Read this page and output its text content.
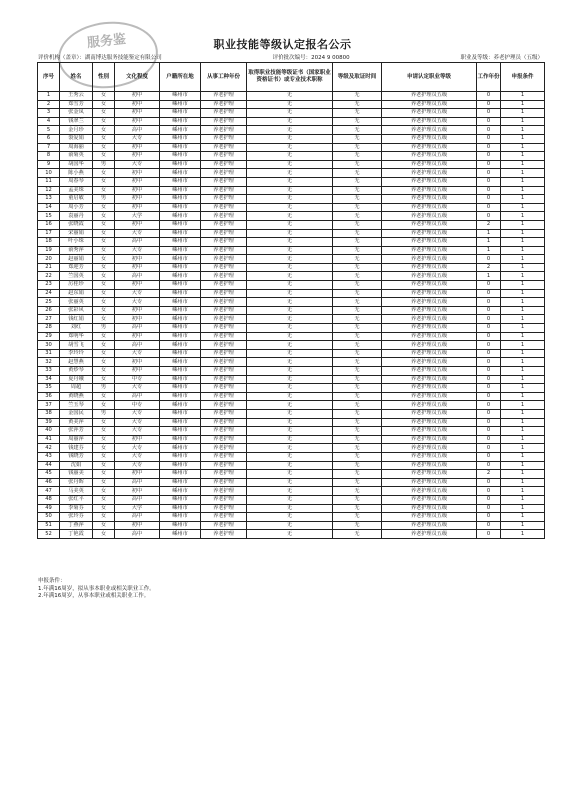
服务鉴	职业技能等级认定报名公示
评价机构（盖章）：湖南博达服务技能鉴定有限公司	评价批次编号：2024 9 00800	职业及等级：养老护理员（五级）
序号	姓名	性别	文化程度	户籍所在地	从事工种年份	取得职业技能等级证书（国家职业资格证书）或专业技术职称	等级及取证时间	申请认定职业等级	工作年份	申报条件
1	王秀云	女	初中	嵊州市	养老护理	无	无	养老护理员五级	0	1
2	郑雪芳	女	初中	嵊州市	养老护理	无	无	养老护理员五级	0	1
3	张金凤	女	初中	嵊州市	养老护理	无	无	养老护理员五级	0	1
4	钱翠兰	女	初中	嵊州市	养老护理	无	无	养老护理员五级	0	1
5	金月珍	女	高中	嵊州市	养老护理	无	无	养老护理员五级	0	1
6	裘爱娟	女	大专	嵊州市	养老护理	无	无	养老护理员五级	0	1
7	周海丽	女	初中	嵊州市	养老护理	无	无	养老护理员五级	0	1
8	俞菊英	女	初中	嵊州市	养老护理	无	无	养老护理员五级	0	1
9	胡国华	男	大专	嵊州市	养老护理	无	无	养老护理员五级	0	1
10	陈小燕	女	初中	嵊州市	养老护理	无	无	养老护理员五级	0	1
11	周春琴	女	初中	嵊州市	养老护理	无	无	养老护理员五级	0	1
12	孟美珠	女	初中	嵊州市	养老护理	无	无	养老护理员五级	0	1
13	童启敏	男	初中	嵊州市	养老护理	无	无	养老护理员五级	0	1
14	周小芳	女	初中	嵊州市	养老护理	无	无	养老护理员五级	0	1
15	袁丽丹	女	大学	嵊州市	养老护理	无	无	养老护理员五级	0	1
16	张晓霞	女	初中	嵊州市	养老护理	无	无	养老护理员五级	2	1
17	宋丽娟	女	大专	嵊州市	养老护理	无	无	养老护理员五级	1	1
18	叶小珠	女	高中	嵊州市	养老护理	无	无	养老护理员五级	1	1
19	俞秀萍	女	大专	嵊州市	养老护理	无	无	养老护理员五级	1	1
20	赵丽娟	女	初中	嵊州市	养老护理	无	无	养老护理员五级	0	1
21	郑迎芳	女	初中	嵊州市	养老护理	无	无	养老护理员五级	2	1
22	竺国英	女	高中	嵊州市	养老护理	无	无	养老护理员五级	1	1
23	厉桂珍	女	初中	嵊州市	养老护理	无	无	养老护理员五级	0	1
24	赵东娟	女	大专	嵊州市	养老护理	无	无	养老护理员五级	0	1
25	张丽英	女	大专	嵊州市	养老护理	无	无	养老护理员五级	0	1
26	张彩风	女	初中	嵊州市	养老护理	无	无	养老护理员五级	0	1
27	钱红娟	女	初中	嵊州市	养老护理	无	无	养老护理员五级	0	1
28	刘红	男	高中	嵊州市	养老护理	无	无	养老护理员五级	0	1
29	郑明华	女	初中	嵊州市	养老护理	无	无	养老护理员五级	0	1
30	胡雪飞	女	高中	嵊州市	养老护理	无	无	养老护理员五级	0	1
31	李玲玲	女	大专	嵊州市	养老护理	无	无	养老护理员五级	0	1
32	赵慧燕	女	初中	嵊州市	养老护理	无	无	养老护理员五级	0	1
33	黄炒琴	女	初中	嵊州市	养老护理	无	无	养老护理员五级	0	1
34	夏丹娥	女	中专	嵊州市	养老护理	无	无	养老护理员五级	0	1
35	周超	男	大专	嵊州市	养老护理	无	无	养老护理员五级	0	1
36	黄晓燕	女	高中	嵊州市	养老护理	无	无	养老护理员五级	0	1
37	竺玉琴	女	中专	嵊州市	养老护理	无	无	养老护理员五级	0	1
38	金国民	男	大专	嵊州市	养老护理	无	无	养老护理员五级	0	1
39	黄美萍	女	大专	嵊州市	养老护理	无	无	养老护理员五级	0	1
40	张萍芳	女	大专	嵊州市	养老护理	无	无	养老护理员五级	0	1
41	周丽萍	女	初中	嵊州市	养老护理	无	无	养老护理员五级	0	1
42	钱建芬	女	大专	嵊州市	养老护理	无	无	养老护理员五级	0	1
43	钱晓芳	女	大专	嵊州市	养老护理	无	无	养老护理员五级	0	1
44	沈娟	女	大专	嵊州市	养老护理	无	无	养老护理员五级	0	1
45	钱丽美	女	初中	嵊州市	养老护理	无	无	养老护理员五级	2	1
46	张丹晖	女	高中	嵊州市	养老护理	无	无	养老护理员五级	0	1
47	马美英	女	初中	嵊州市	养老护理	无	无	养老护理员五级	0	1
48	张红平	女	高中	嵊州市	养老护理	无	无	养老护理员五级	0	1
49	李菊芬	女	大学	嵊州市	养老护理	无	无	养老护理员五级	0	1
50	张玲芬	女	高中	嵊州市	养老护理	无	无	养老护理员五级	0	1
51	丁燕萍	女	初中	嵊州市	养老护理	无	无	养老护理员五级	0	1
52	丁艳霞	女	高中	嵊州市	养老护理	无	无	养老护理员五级	0	1
申报条件：
1.年满16周岁，拟从事本职业或相关职业工作。
2.年满16周岁，从事本职业或相关职业工作。
